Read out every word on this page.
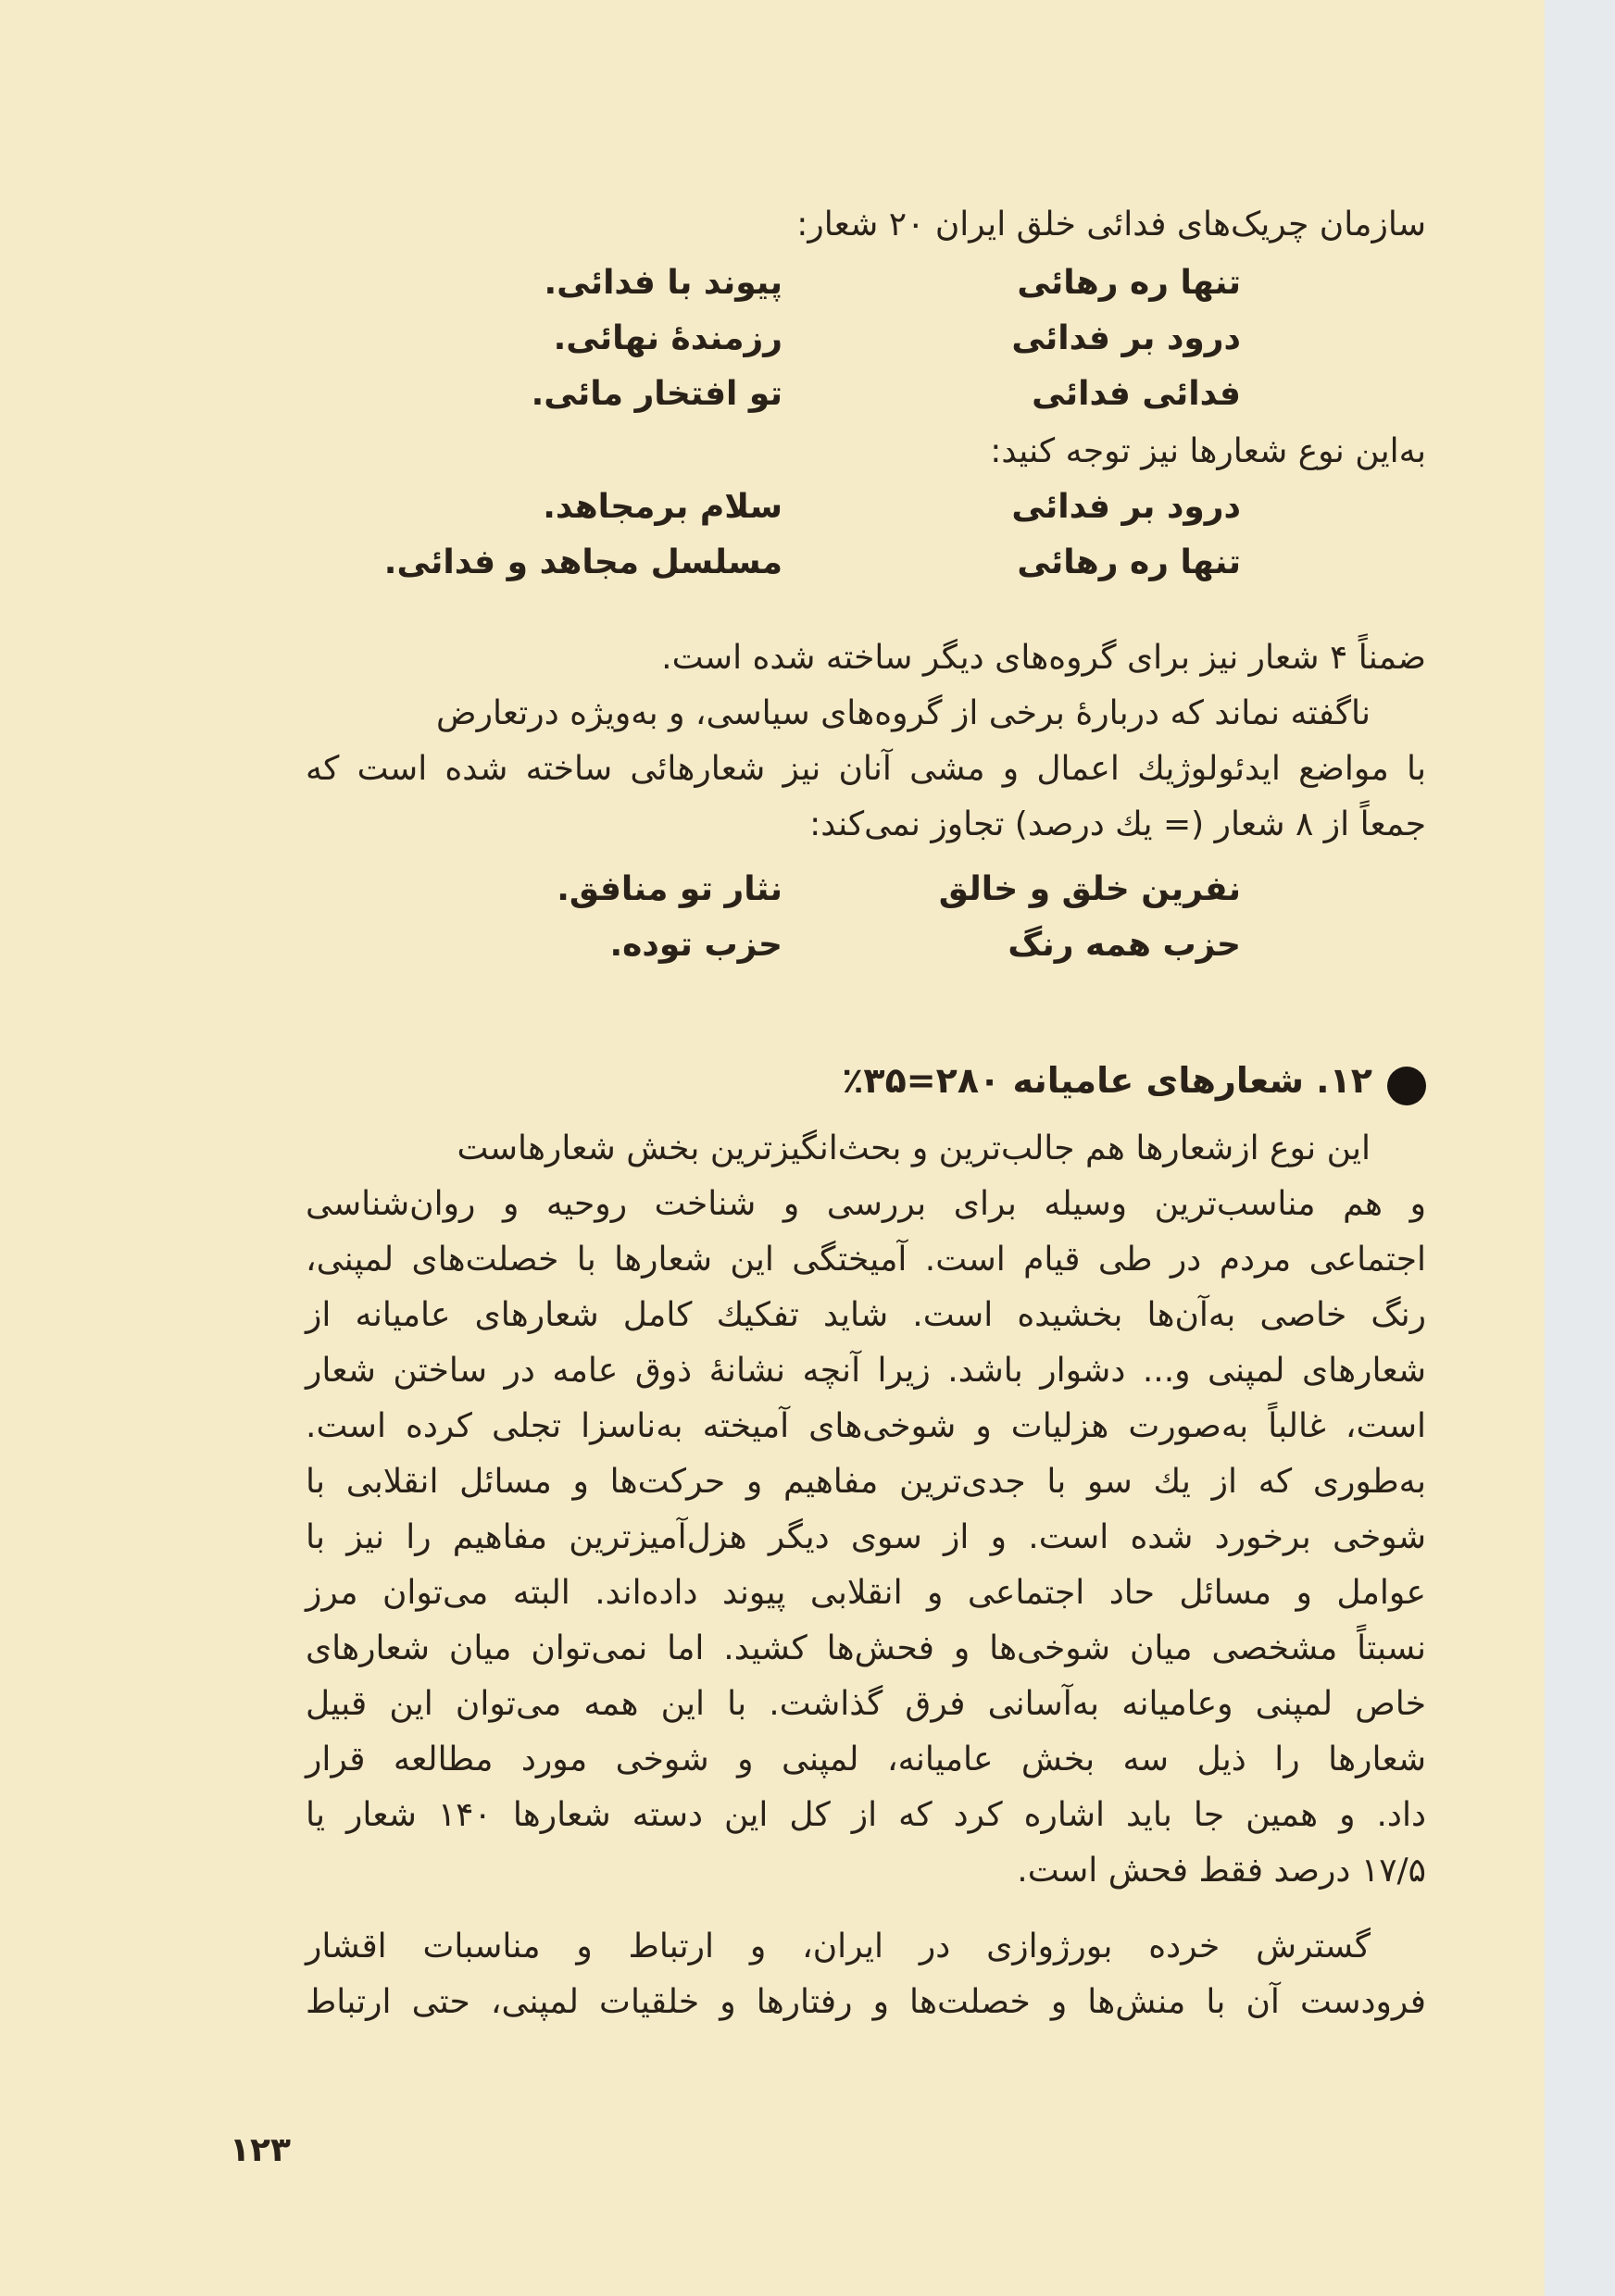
سازمان چریک‌های فدائی خلق ایران ۲۰ شعار:
تنها ره رهائی
پیوند با فدائی.
درود بر فدائی
رزمندهٔ نهائی.
فدائی فدائی
تو افتخار مائی.
به‌این نوع شعارها نیز توجه کنید:
درود بر فدائی
سلام برمجاهد.
تنها ره رهائی
مسلسل مجاهد و فدائی.
ضمناً ۴ شعار نیز برای گروه‌های دیگر ساخته شده است.
ناگفته نماند که دربارهٔ برخی از گروه‌های سیاسی، و به‌ویژه درتعارض
با مواضع ایدئولوژیك اعمال و مشی آنان نیز شعارهائی ساخته شده است که
جمعاً از ۸ شعار (= یك درصد) تجاوز نمی‌کند:
نفرین خلق و خالق
نثار تو منافق.
حزب همه رنگ
حزب توده.
۱۲. شعارهای عامیانه ۲۸۰=۳۵٪
این نوع ازشعارها هم جالب‌ترین و بحث‌انگیزترین بخش شعارهاست
و هم مناسب‌ترین وسیله برای بررسی و شناخت روحیه و روان‌شناسی
اجتماعی مردم در طی قیام است. آمیختگی این شعارها با خصلت‌های لمپنی،
رنگ خاصی به‌آن‌ها بخشیده است. شاید تفکیك کامل شعارهای عامیانه از
شعارهای لمپنی و... دشوار باشد. زیرا آنچه نشانهٔ ذوق عامه در ساختن شعار
است، غالباً به‌صورت هزلیات و شوخی‌های آمیخته به‌ناسزا تجلی کرده است.
به‌طوری که از یك سو با جدی‌ترین مفاهیم و حرکت‌ها و مسائل انقلابی با
شوخی برخورد شده است. و از سوی دیگر هزل‌آمیزترین مفاهیم را نیز با
عوامل و مسائل حاد اجتماعی و انقلابی پیوند داده‌اند. البته می‌توان مرز
نسبتاً مشخصی میان شوخی‌ها و فحش‌ها کشید. اما نمی‌توان میان شعارهای
خاص لمپنی وعامیانه به‌آسانی فرق گذاشت. با این همه می‌توان این قبیل
شعارها را ذیل سه بخش عامیانه، لمپنی و شوخی مورد مطالعه قرار
داد. و همین جا باید اشاره کرد که از کل این دسته شعارها ۱۴۰ شعار یا
۱۷/۵ درصد فقط فحش است.
گسترش خرده بورژوازی در ایران، و ارتباط و مناسبات اقشار
فرودست آن با منش‌ها و خصلت‌ها و رفتارها و خلقیات لمپنی، حتی ارتباط
۱۲۳
